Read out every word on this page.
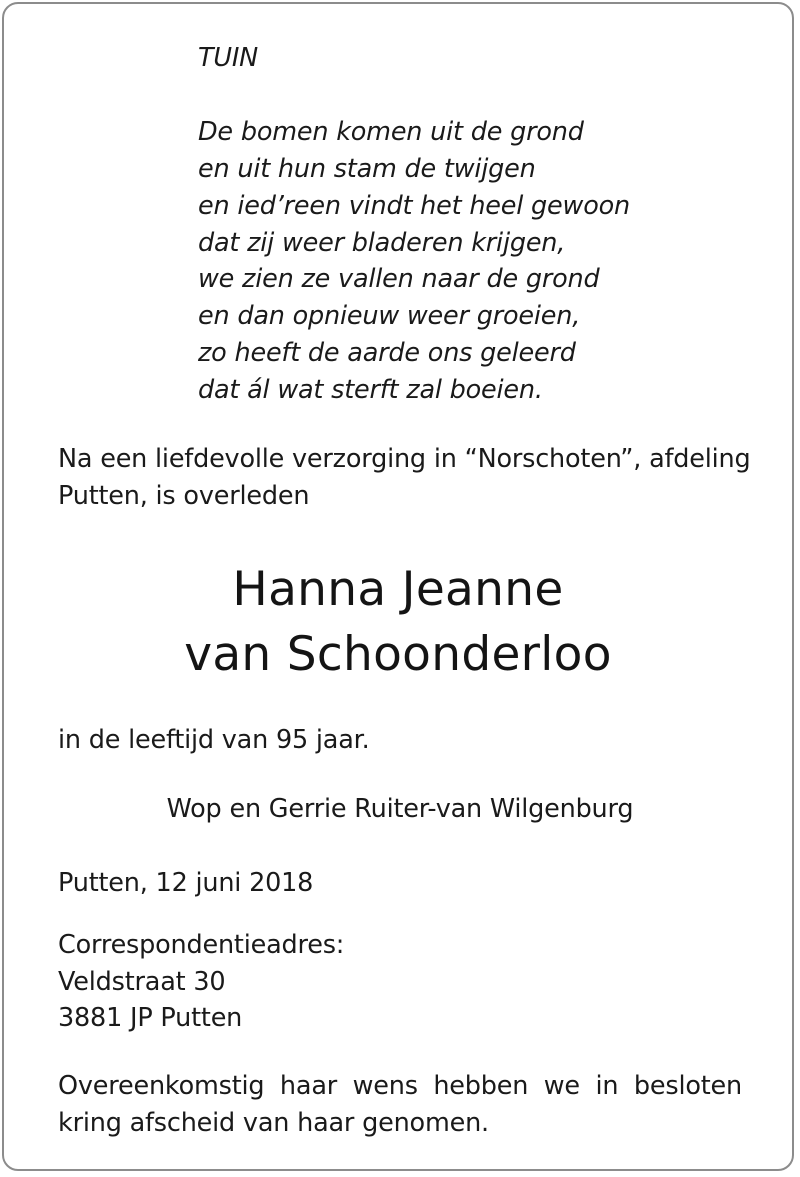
TUIN
De bomen komen uit de grond
en uit hun stam de twijgen
en ied’reen vindt het heel gewoon
dat zij weer bladeren krijgen,
we zien ze vallen naar de grond
en dan opnieuw weer groeien,
zo heeft de aarde ons geleerd
dat ál wat sterft zal boeien.
Na een liefdevolle verzorging in “Norschoten”, afdeling
Putten, is overleden
Hanna Jeanne
van Schoonderloo
in de leeftijd van 95 jaar.
Wop en Gerrie Ruiter-van Wilgenburg
Putten, 12 juni 2018
Correspondentieadres:
Veldstraat 30
3881 JP Putten
Overeenkomstig haar wens hebben we in besloten
kring afscheid van haar genomen.
